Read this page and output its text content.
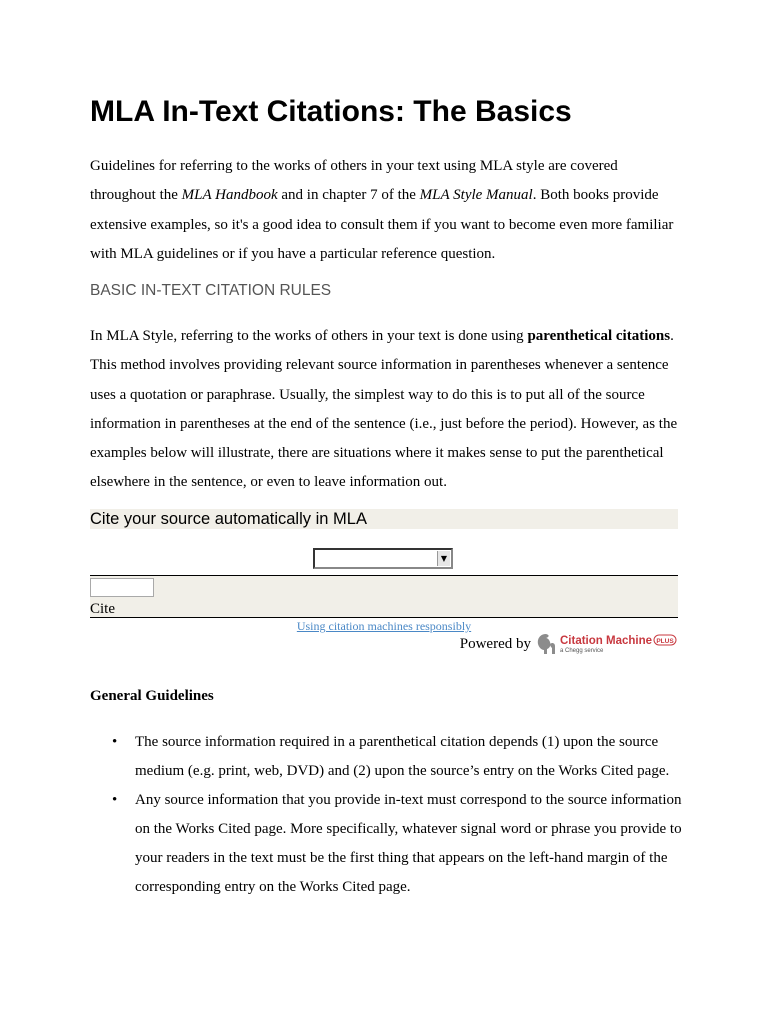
MLA In-Text Citations: The Basics

Guidelines for referring to the works of others in your text using MLA style are covered throughout the MLA Handbook and in chapter 7 of the MLA Style Manual. Both books provide extensive examples, so it's a good idea to consult them if you want to become even more familiar with MLA guidelines or if you have a particular reference question.

BASIC IN-TEXT CITATION RULES

In MLA Style, referring to the works of others in your text is done using parenthetical citations. This method involves providing relevant source information in parentheses whenever a sentence uses a quotation or paraphrase. Usually, the simplest way to do this is to put all of the source information in parentheses at the end of the sentence (i.e., just before the period). However, as the examples below will illustrate, there are situations where it makes sense to put the parenthetical elsewhere in the sentence, or even to leave information out.

Cite your source automatically in MLA
▼
Cite
Using citation machines responsibly
Powered by	Citation Machine PLUS
a Chegg service
General Guidelines
• The source information required in a parenthetical citation depends (1) upon the source medium (e.g. print, web, DVD) and (2) upon the source’s entry on the Works Cited page.
• Any source information that you provide in-text must correspond to the source information on the Works Cited page. More specifically, whatever signal word or phrase you provide to your readers in the text must be the first thing that appears on the left-hand margin of the corresponding entry on the Works Cited page.
